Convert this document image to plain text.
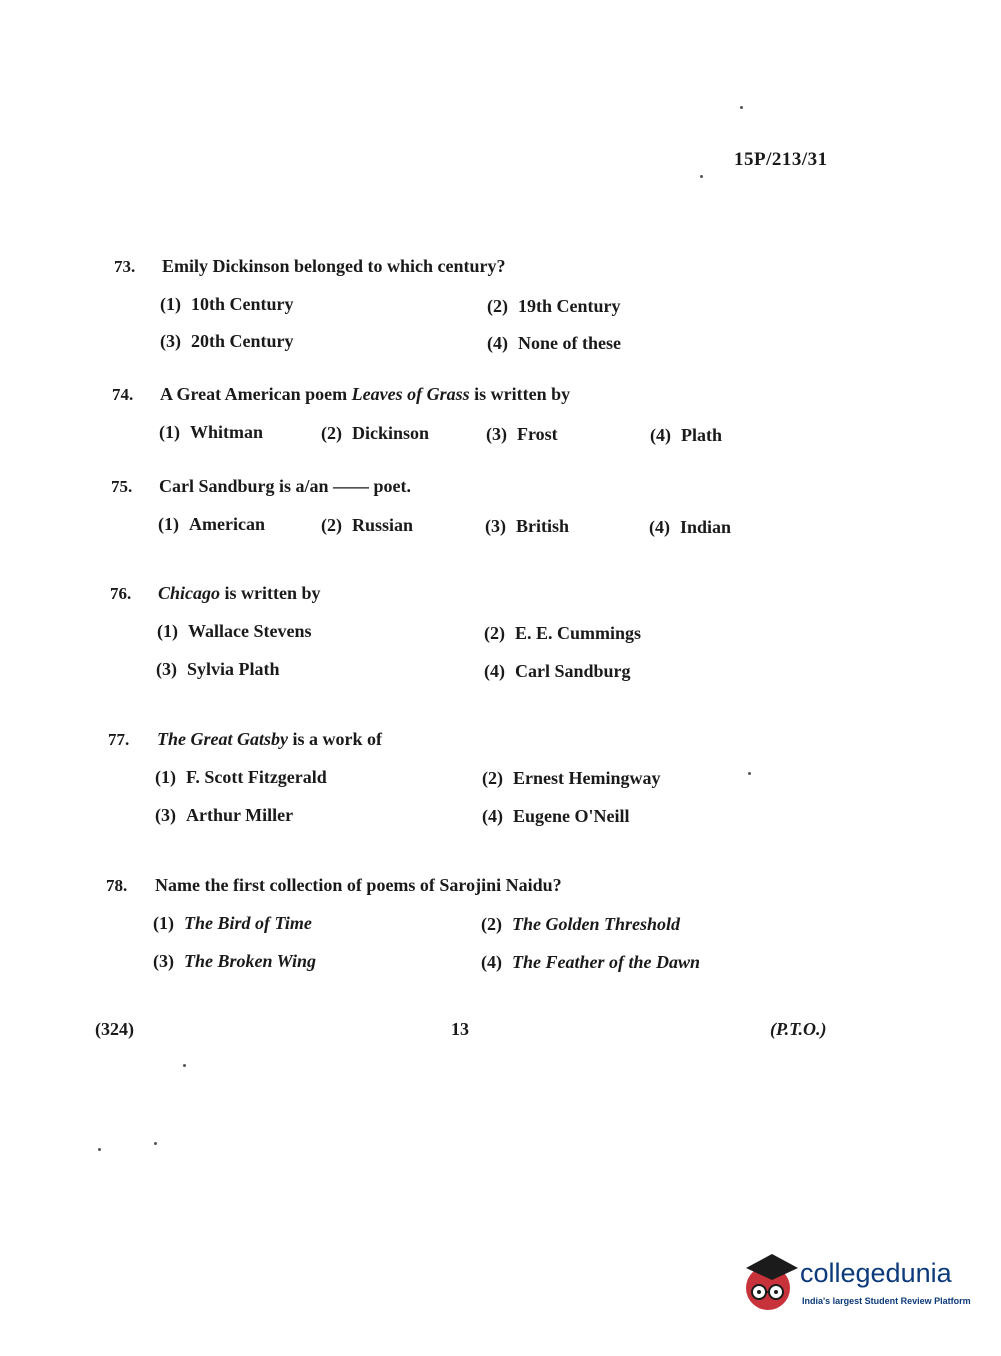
15P/213/31
73. Emily Dickinson belonged to which century?
(1) 10th Century	(2) 19th Century
(3) 20th Century	(4) None of these
74. A Great American poem Leaves of Grass is written by
(1) Whitman	(2) Dickinson	(3) Frost	(4) Plath
75. Carl Sandburg is a/an —— poet.
(1) American	(2) Russian	(3) British	(4) Indian
76. Chicago is written by
(1) Wallace Stevens	(2) E. E. Cummings
(3) Sylvia Plath	(4) Carl Sandburg
77. The Great Gatsby is a work of
(1) F. Scott Fitzgerald	(2) Ernest Hemingway
(3) Arthur Miller	(4) Eugene O'Neill
78. Name the first collection of poems of Sarojini Naidu?
(1) The Bird of Time	(2) The Golden Threshold
(3) The Broken Wing	(4) The Feather of the Dawn
(324)	13	(P.T.O.)
collegedunia
India's largest Student Review Platform
